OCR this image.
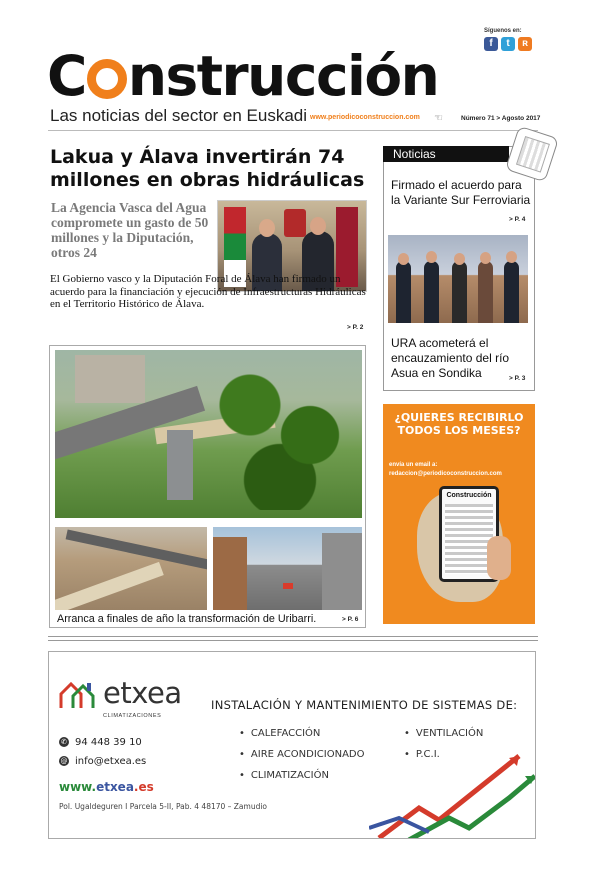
Síguenos en:
f	t	ʀ
C nstrucción
Las noticias del sector en Euskadi www.periodicoconstruccion.com ☜	Número 71 > Agosto 2017
Lakua y Álava invertirán 74 millones en obras hidráulicas
La Agencia Vasca del Agua compromete un gasto de 50 millones y la Diputación, otros 24

El Gobierno vasco y la Diputación Foral de Álava han firmado un acuerdo para la financiación y ejecución de Infraestructuras Hidráulicas en el Territorio Histórico de Álava.

> P. 2
Noticias
Firmado el acuerdo para la Variante Sur Ferroviaria
> P. 4
URA acometerá el encauzamiento del río Asua en Sondika	> P. 3
Arranca a finales de año la transformación de Uribarri.	> P. 6
¿QUIERES RECIBIRLO TODOS LOS MESES?
envía un email a:
redaccion@periodicoconstruccion.com
Construcción
etxea
CLIMATIZACIONES
INSTALACIÓN Y MANTENIMIENTO DE SISTEMAS DE:
• CALEFACCIÓN
• AIRE ACONDICIONADO
• CLIMATIZACIÓN
• VENTILACIÓN
• P.C.I.
✆ 94 448 39 10
@ info@etxea.es
www.etxea.es
Pol. Ugaldeguren I Parcela 5-II, Pab. 4 48170 – Zamudio
